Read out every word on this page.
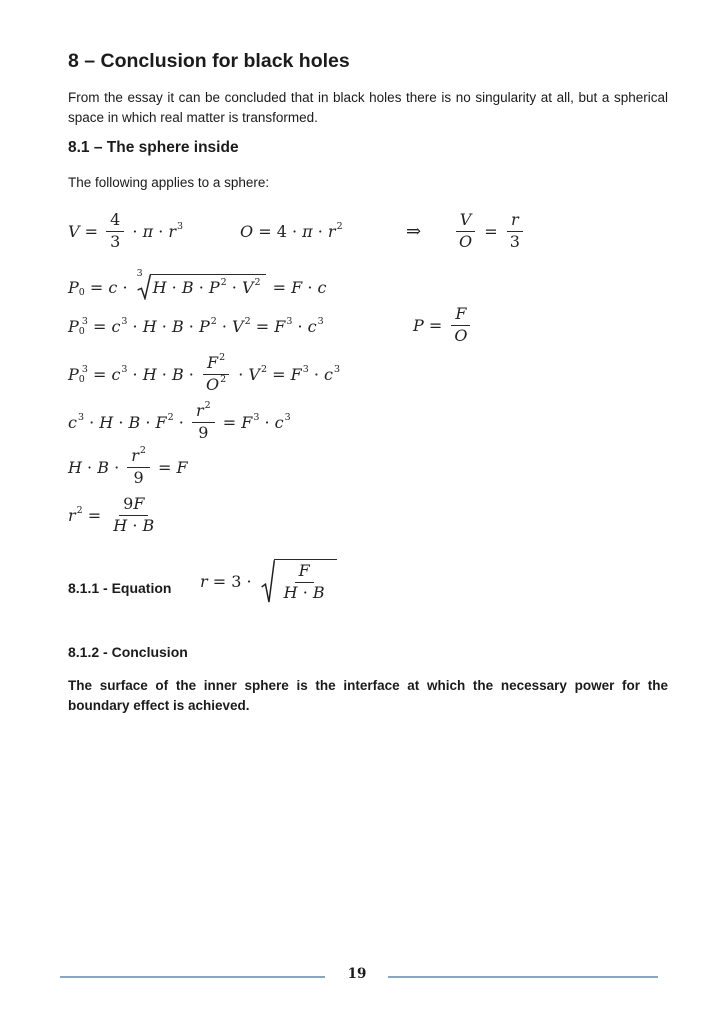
8 – Conclusion for black holes

From the essay it can be concluded that in black holes there is no singularity at all, but a spherical space in which real matter is transformed.

8.1 – The sphere inside

The following applies to a sphere:

$V = \frac{4}{3} \cdot \pi \cdot r$ 3	O = 4 · π · r 2	⇒ $\frac{V}{O} = \frac{r}{3}$
P 0 = c ·
3
H · B · P 2 · V 2 = F · c
P 0
3 = c 3 · H · B · P 2 · V 2 = F 3 · c 3	$P = \frac{F}{O}$
P 0
3 = c $3 \cdot H \cdot B \cdot \frac{F 2}{O 2} \cdot V$ 2 = F 3 · c 3
c 3 · H · B · F $2 \cdot \frac{r 2}{9} = F$ 3 · c 3
$H \cdot B \cdot \frac{r 2}{9} = F$
r $2 = \frac{9 F}{H \cdot B}$
8.1.1 - Equation $r = 3 \cdot \frac{F}{H \cdot B}$
8.1.2 - Conclusion

The surface of the inner sphere is the interface at which the necessary power for the boundary effect is achieved.

19
